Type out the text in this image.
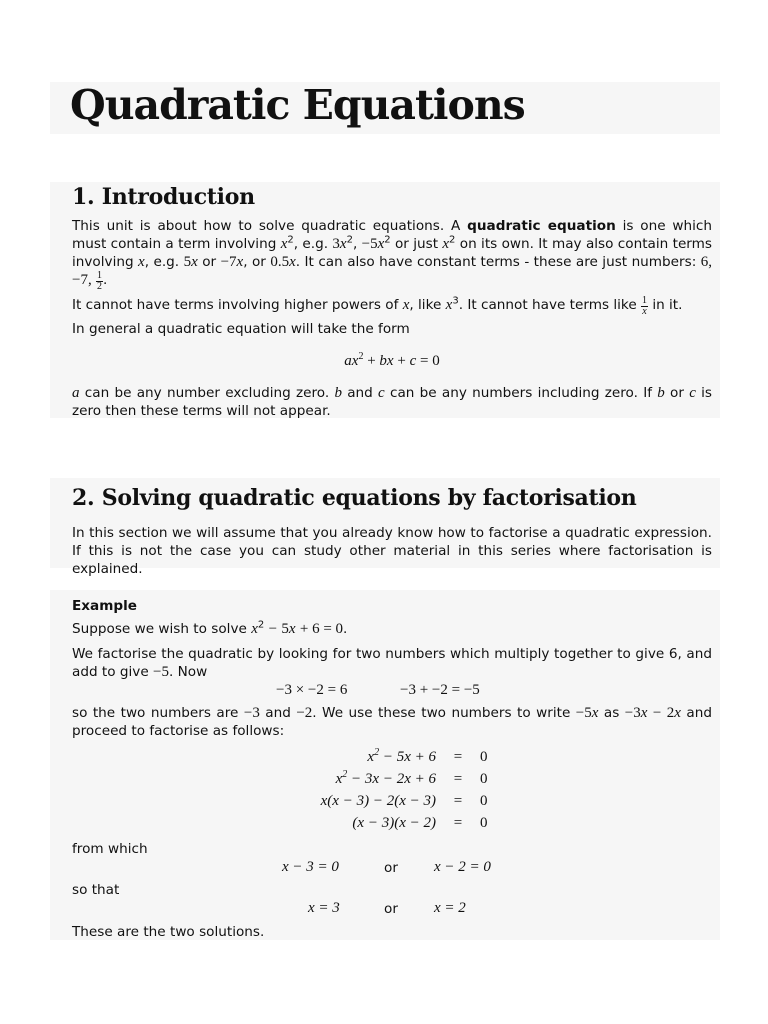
Quadratic Equations
1. Introduction

This unit is about how to solve quadratic equations. A quadratic equation is one which must contain a term involving $x^2$, e.g. $3x^2$, $-5x^2$ or just $x^2$ on its own. It may also contain terms involving x, e.g. 5x or −7x, or 0.5x. It can also have constant terms - these are just numbers: 6, −7, $\frac{1}{2}$ .

It cannot have terms involving higher powers of x, like $x^3$. It cannot have terms like $\frac{1}{x}$ in it.

In general a quadratic equation will take the form

$ax^2$ + bx + c = 0

a can be any number excluding zero. b and c can be any numbers including zero. If b or c is zero then these terms will not appear.

2. Solving quadratic equations by factorisation

In this section we will assume that you already know how to factorise a quadratic expression. If this is not the case you can study other material in this series where factorisation is explained.

Example

Suppose we wish to solve $x^2 - 5x + 6 = 0$.

We factorise the quadratic by looking for two numbers which multiply together to give 6, and add to give −5. Now

−3 × −2 = 6	−3 + −2 = −5

so the two numbers are −3 and −2. We use these two numbers to write −5x as −3x − 2x and proceed to factorise as follows:

$x^2 - 5x + 6$	=	0
$x^2 - 3x - 2x + 6$	=	0
x(x − 3) − 2(x − 3)	=	0
(x − 3)(x − 2)	=	0

from which

x − 3 = 0	or x − 2 = 0

so that

x = 3	or x = 2

These are the two solutions.
